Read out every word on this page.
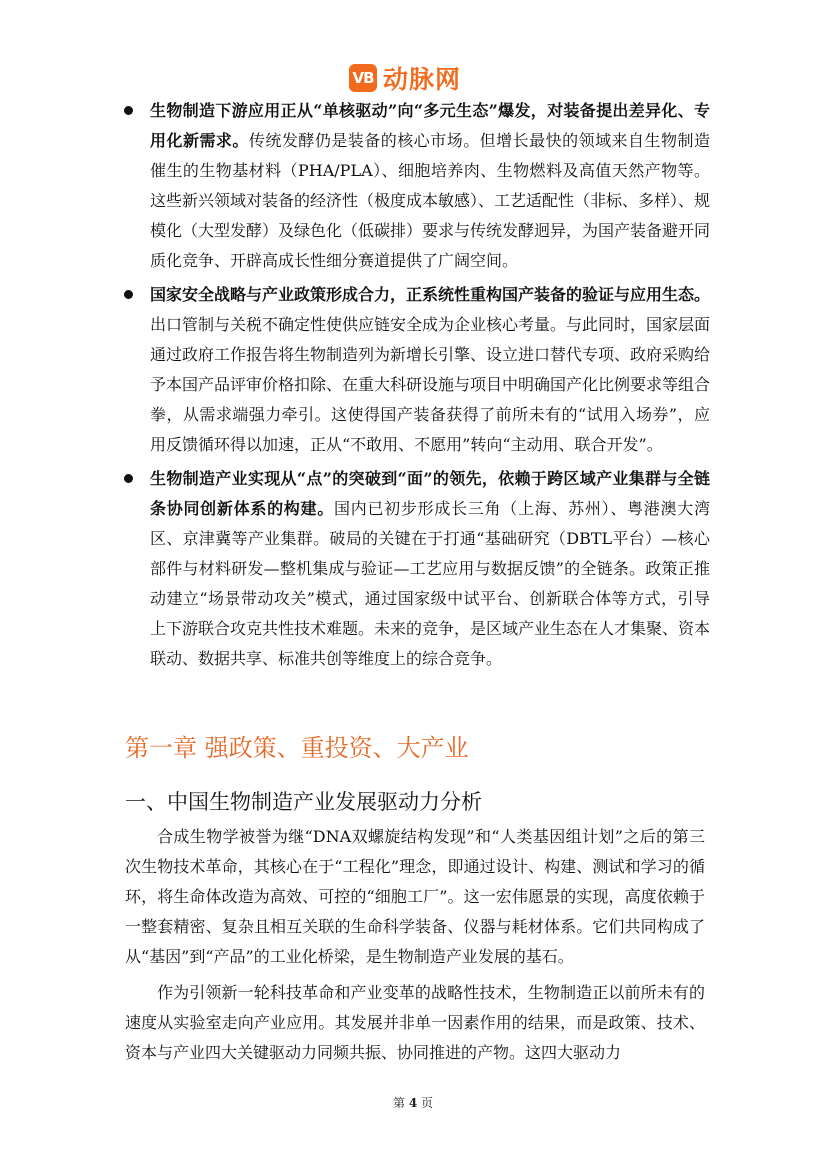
VB 动脉网

生物制造下游应用正从“单核驱动”向“多元生态”爆发，对装备提出差异化、专用化新需求。传统发酵仍是装备的核心市场。但增长最快的领域来自生物制造催生的生物基材料（PHA/PLA）、细胞培养肉、生物燃料及高值天然产物等。这些新兴领域对装备的经济性（极度成本敏感）、工艺适配性（非标、多样）、规模化（大型发酵）及绿色化（低碳排）要求与传统发酵迥异，为国产装备避开同质化竞争、开辟高成长性细分赛道提供了广阔空间。

国家安全战略与产业政策形成合力，正系统性重构国产装备的验证与应用生态。出口管制与关税不确定性使供应链安全成为企业核心考量。与此同时，国家层面通过政府工作报告将生物制造列为新增长引擎、设立进口替代专项、政府采购给予本国产品评审价格扣除、在重大科研设施与项目中明确国产化比例要求等组合拳，从需求端强力牵引。这使得国产装备获得了前所未有的“试用入场券”，应用反馈循环得以加速，正从“不敢用、不愿用”转向“主动用、联合开发”。

生物制造产业实现从“点”的突破到“面”的领先，依赖于跨区域产业集群与全链条协同创新体系的构建。国内已初步形成长三角（上海、苏州）、粤港澳大湾区、京津冀等产业集群。破局的关键在于打通“基础研究（DBTL平台）—核心部件与材料研发—整机集成与验证—工艺应用与数据反馈”的全链条。政策正推动建立“场景带动攻关”模式，通过国家级中试平台、创新联合体等方式，引导上下游联合攻克共性技术难题。未来的竞争，是区域产业生态在人才集聚、资本联动、数据共享、标准共创等维度上的综合竞争。

第一章 强政策、重投资、大产业
一、中国生物制造产业发展驱动力分析

合成生物学被誉为继“DNA双螺旋结构发现”和“人类基因组计划”之后的第三次生物技术革命，其核心在于“工程化”理念，即通过设计、构建、测试和学习的循环，将生命体改造为高效、可控的“细胞工厂”。这一宏伟愿景的实现，高度依赖于一整套精密、复杂且相互关联的生命科学装备、仪器与耗材体系。它们共同构成了从“基因”到“产品”的工业化桥梁，是生物制造产业发展的基石。

作为引领新一轮科技革命和产业变革的战略性技术，生物制造正以前所未有的速度从实验室走向产业应用。其发展并非单一因素作用的结果，而是政策、技术、资本与产业四大关键驱动力同频共振、协同推进的产物。这四大驱动力

第 4 页
